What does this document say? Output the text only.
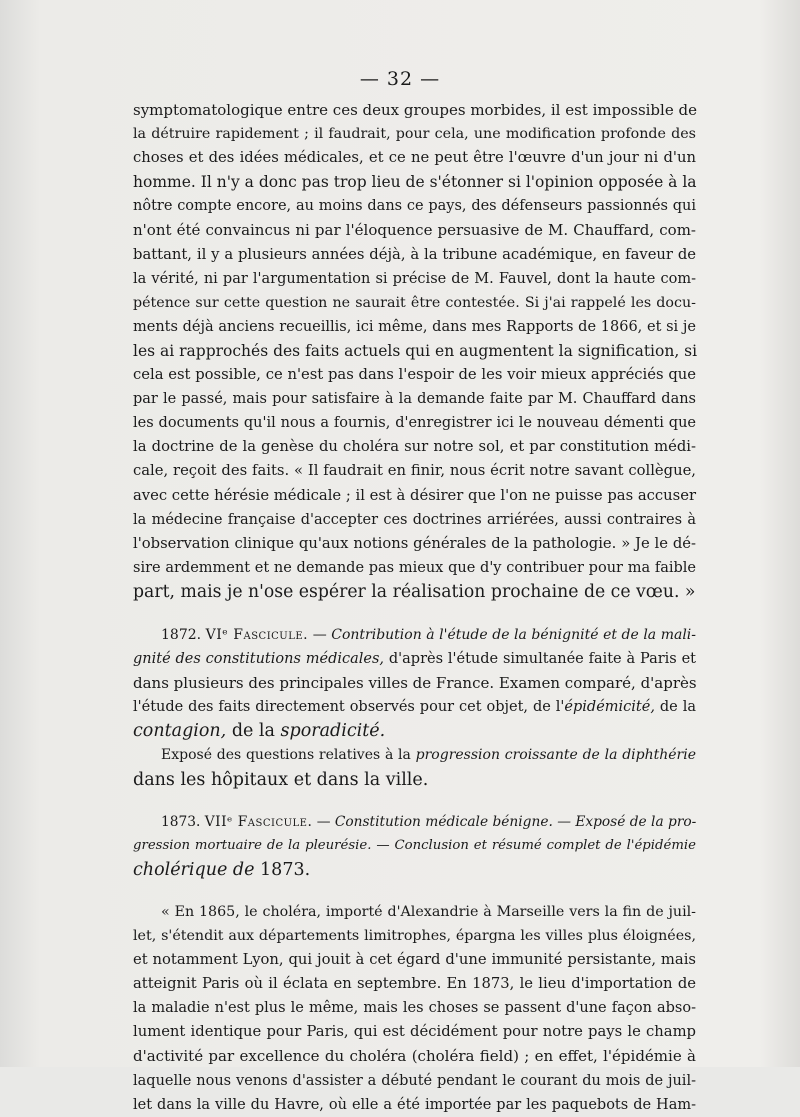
— 32 —
symptomatologique entre ces deux groupes morbides, il est impossible de
la détruire rapidement ; il faudrait, pour cela, une modification profonde des
choses et des idées médicales, et ce ne peut être l'œuvre d'un jour ni d'un
homme. Il n'y a donc pas trop lieu de s'étonner si l'opinion opposée à la
nôtre compte encore, au moins dans ce pays, des défenseurs passionnés qui
n'ont été convaincus ni par l'éloquence persuasive de M. Chauffard, com-
battant, il y a plusieurs années déjà, à la tribune académique, en faveur de
la vérité, ni par l'argumentation si précise de M. Fauvel, dont la haute com-
pétence sur cette question ne saurait être contestée. Si j'ai rappelé les docu-
ments déjà anciens recueillis, ici même, dans mes Rapports de 1866, et si je
les ai rapprochés des faits actuels qui en augmentent la signification, si
cela est possible, ce n'est pas dans l'espoir de les voir mieux appréciés que
par le passé, mais pour satisfaire à la demande faite par M. Chauffard dans
les documents qu'il nous a fournis, d'enregistrer ici le nouveau démenti que
la doctrine de la genèse du choléra sur notre sol, et par constitution médi-
cale, reçoit des faits. « Il faudrait en finir, nous écrit notre savant collègue,
avec cette hérésie médicale ; il est à désirer que l'on ne puisse pas accuser
la médecine française d'accepter ces doctrines arriérées, aussi contraires à
l'observation clinique qu'aux notions générales de la pathologie. » Je le dé-
sire ardemment et ne demande pas mieux que d'y contribuer pour ma faible
part, mais je n'ose espérer la réalisation prochaine de ce vœu. »
1872. VIᵉ Fascicule. — Contribution à l'étude de la bénignité et de la mali-
gnité des constitutions médicales, d'après l'étude simultanée faite à Paris et
dans plusieurs des principales villes de France. Examen comparé, d'après
l'étude des faits directement observés pour cet objet, de l'épidémicité, de la
contagion, de la sporadicité.
Exposé des questions relatives à la progression croissante de la diphthérie
dans les hôpitaux et dans la ville.
1873. VIIᵉ Fascicule. — Constitution médicale bénigne. — Exposé de la pro-
gression mortuaire de la pleurésie. — Conclusion et résumé complet de l'épidémie
cholérique de 1873.
« En 1865, le choléra, importé d'Alexandrie à Marseille vers la fin de juil-
let, s'étendit aux départements limitrophes, épargna les villes plus éloignées,
et notamment Lyon, qui jouit à cet égard d'une immunité persistante, mais
atteignit Paris où il éclata en septembre. En 1873, le lieu d'importation de
la maladie n'est plus le même, mais les choses se passent d'une façon abso-
lument identique pour Paris, qui est décidément pour notre pays le champ
d'activité par excellence du choléra (choléra field) ; en effet, l'épidémie à
laquelle nous venons d'assister a débuté pendant le courant du mois de juil-
let dans la ville du Havre, où elle a été importée par les paquebots de Ham-
